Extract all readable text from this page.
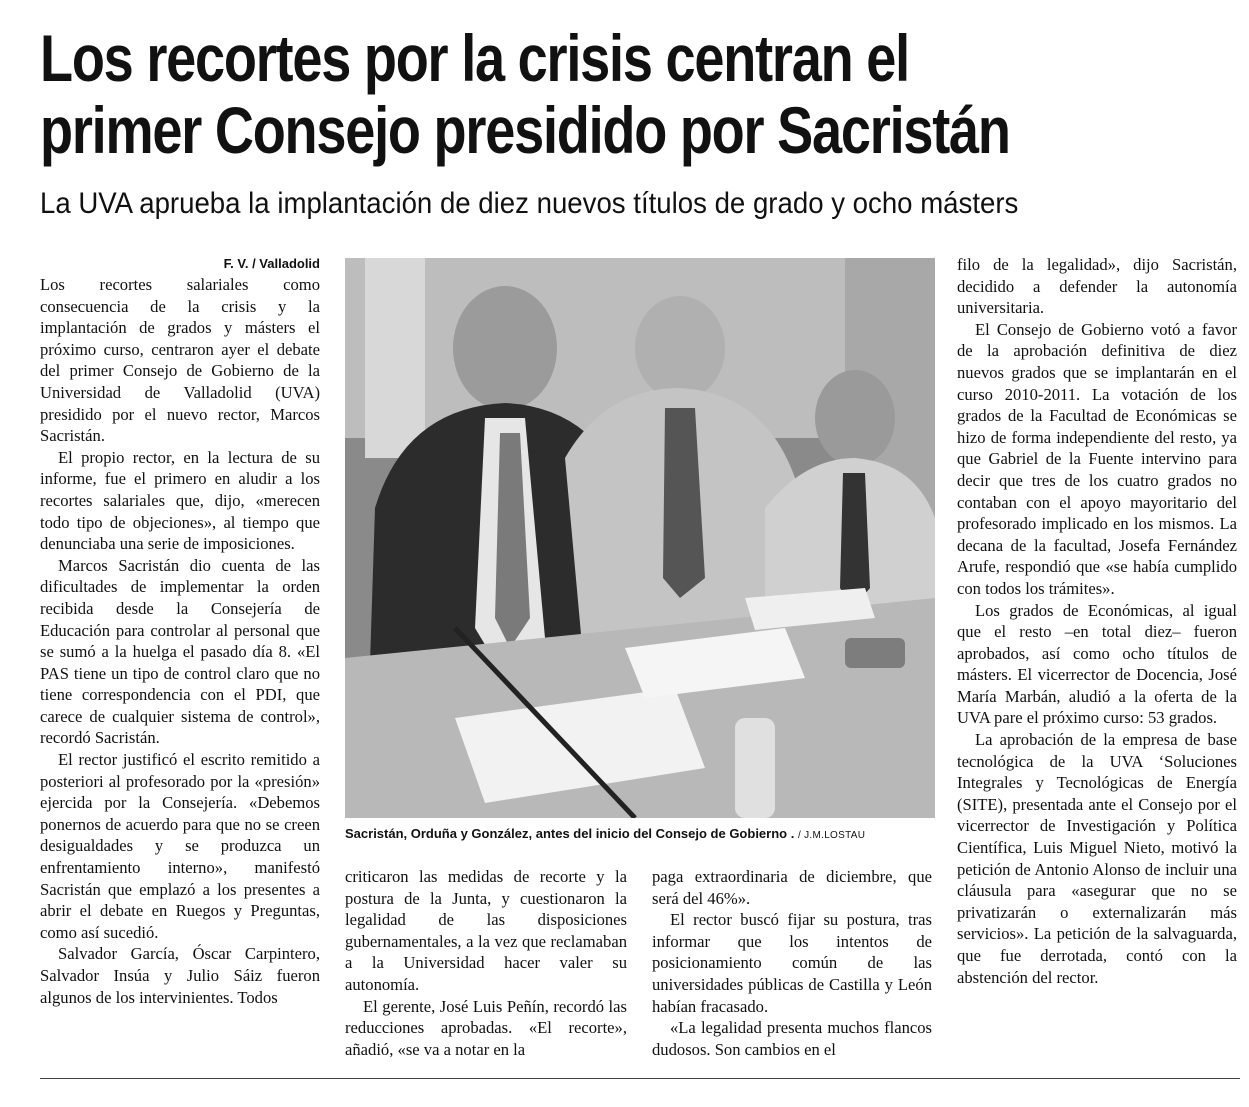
Los recortes por la crisis centran el
primer Consejo presidido por Sacristán
La UVA aprueba la implantación de diez nuevos títulos de grado y ocho másters
F. V. / Valladolid

Los recortes salariales como consecuencia de la crisis y la implantación de grados y másters el próximo curso, centraron ayer el debate del primer Consejo de Gobierno de la Universidad de Valladolid (UVA) presidido por el nuevo rector, Marcos Sacristán.

El propio rector, en la lectura de su informe, fue el primero en aludir a los recortes salariales que, dijo, «merecen todo tipo de objeciones», al tiempo que denunciaba una serie de imposiciones.

Marcos Sacristán dio cuenta de las dificultades de implementar la orden recibida desde la Consejería de Educación para controlar al personal que se sumó a la huelga el pasado día 8. «El PAS tiene un tipo de control claro que no tiene correspondencia con el PDI, que carece de cualquier sistema de control», recordó Sacristán.

El rector justificó el escrito remitido a posteriori al profesorado por la «presión» ejercida por la Consejería. «Debemos ponernos de acuerdo para que no se creen desigualdades y se produzca un enfrentamiento interno», manifestó Sacristán que emplazó a los presentes a abrir el debate en Ruegos y Preguntas, como así sucedió.

Salvador García, Óscar Carpintero, Salvador Insúa y Julio Sáiz fueron algunos de los intervinientes. Todos

Sacristán, Orduña y González, antes del inicio del Consejo de Gobierno . / J.M.LOSTAU

criticaron las medidas de recorte y la postura de la Junta, y cuestionaron la legalidad de las disposiciones gubernamentales, a la vez que reclamaban a la Universidad hacer valer su autonomía.

El gerente, José Luis Peñín, recordó las reducciones aprobadas. «El recorte», añadió, «se va a notar en la

paga extraordinaria de diciembre, que será del 46%».

El rector buscó fijar su postura, tras informar que los intentos de posicionamiento común de las universidades públicas de Castilla y León habían fracasado.

«La legalidad presenta muchos flancos dudosos. Son cambios en el

filo de la legalidad», dijo Sacristán, decidido a defender la autonomía universitaria.

El Consejo de Gobierno votó a favor de la aprobación definitiva de diez nuevos grados que se implantarán en el curso 2010-2011. La votación de los grados de la Facultad de Económicas se hizo de forma independiente del resto, ya que Gabriel de la Fuente intervino para decir que tres de los cuatro grados no contaban con el apoyo mayoritario del profesorado implicado en los mismos. La decana de la facultad, Josefa Fernández Arufe, respondió que «se había cumplido con todos los trámites».

Los grados de Económicas, al igual que el resto –en total diez– fueron aprobados, así como ocho títulos de másters. El vicerrector de Docencia, José María Marbán, aludió a la oferta de la UVA pare el próximo curso: 53 grados.

La aprobación de la empresa de base tecnológica de la UVA ‘Soluciones Integrales y Tecnológicas de Energía (SITE), presentada ante el Consejo por el vicerrector de Investigación y Política Científica, Luis Miguel Nieto, motivó la petición de Antonio Alonso de incluir una cláusula para «asegurar que no se privatizarán o externalizarán más servicios». La petición de la salvaguarda, que fue derrotada, contó con la abstención del rector.
